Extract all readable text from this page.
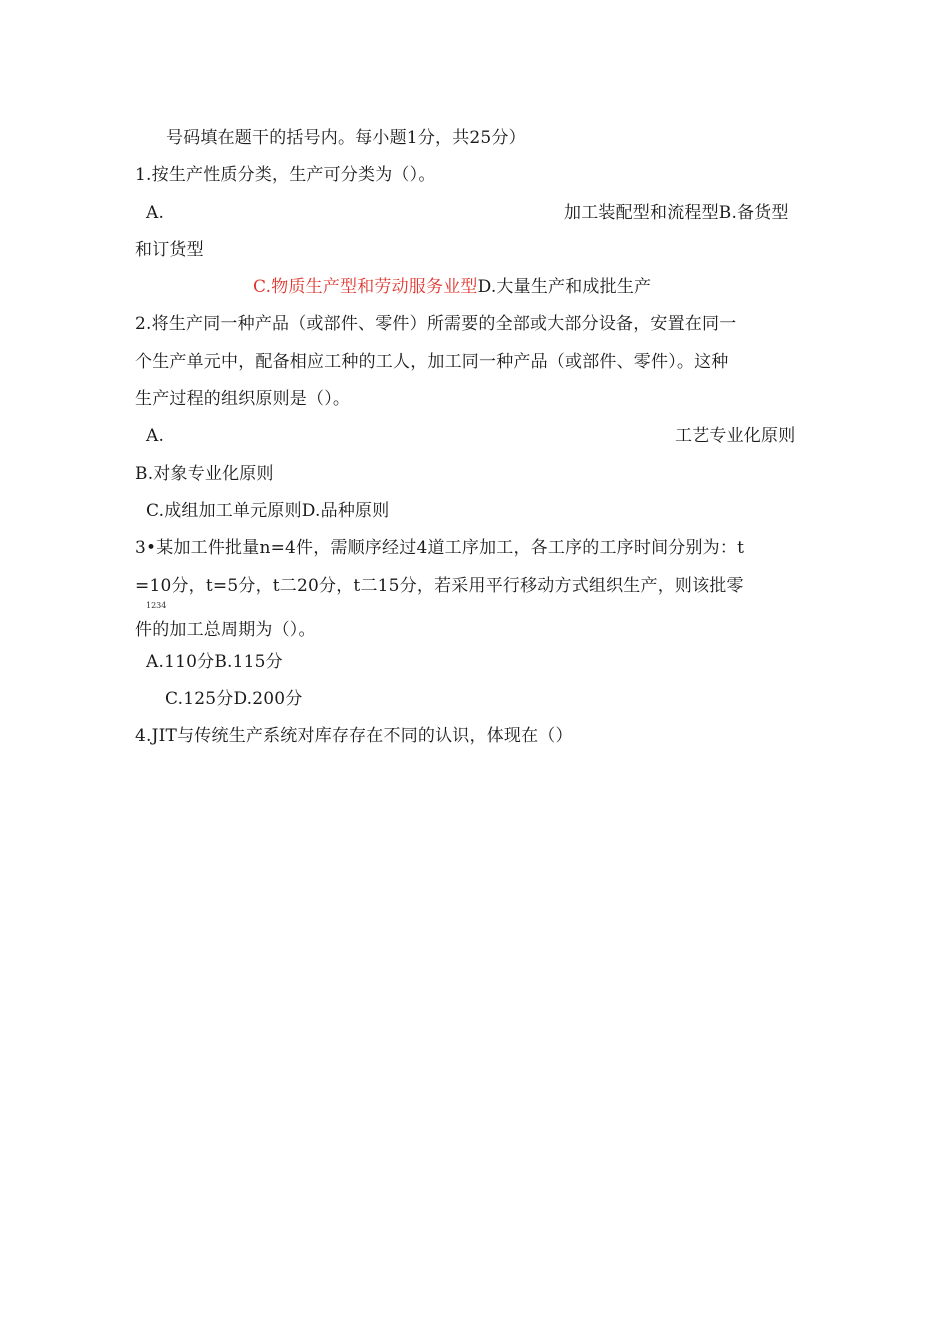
号码填在题干的括号内。每小题1分，共25分）
1.按生产性质分类，生产可分类为（）。
A.	加工装配型和流程型B.备货型
和订货型
C.物质生产型和劳动服务业型D.大量生产和成批生产
2.将生产同一种产品（或部件、零件）所需要的全部或大部分设备，安置在同一
个生产单元中，配备相应工种的工人，加工同一种产品（或部件、零件）。这种
生产过程的组织原则是（）。
A.	工艺专业化原则
B.对象专业化原则
C.成组加工单元原则D.品种原则
3•某加工件批量n=4件，需顺序经过4道工序加工，各工序的工序时间分别为：t
=10分，t=5分，t二20分，t二15分，若采用平行移动方式组织生产，则该批零
1234
件的加工总周期为（）。
A.110分B.115分
C.125分D.200分
4.JIT与传统生产系统对库存存在不同的认识，体现在（）
